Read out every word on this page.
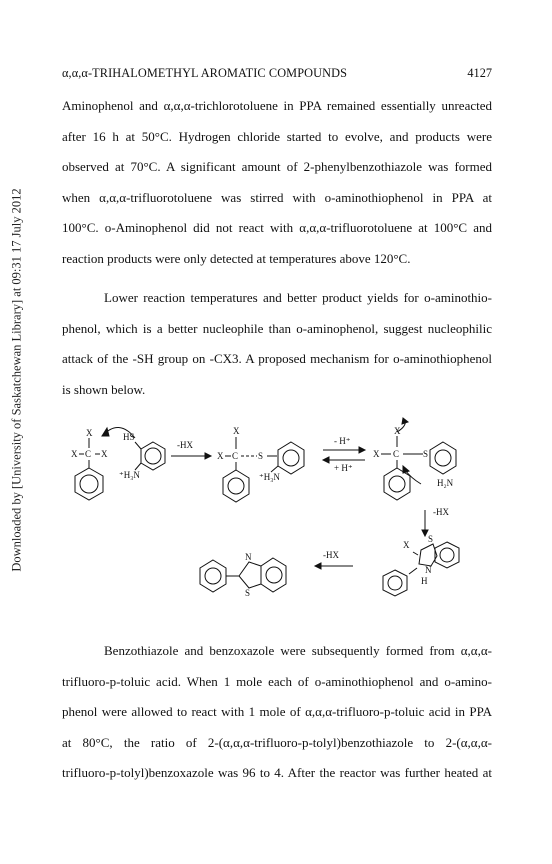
Downloaded by [University of Saskatchewan Library] at 09:31 17 July 2012
α,α,α-TRIHALOMETHYL AROMATIC COMPOUNDS	4127
Aminophenol and α,α,α-trichlorotoluene in PPA remained essentially unreacted
after 16 h at 50°C. Hydrogen chloride started to evolve, and products were
observed at 70°C. A significant amount of 2-phenylbenzothiazole was formed
when α,α,α-trifluorotoluene was stirred with o-aminothiophenol in PPA at
100°C. o-Aminophenol did not react with α,α,α-trifluorotoluene at 100°C and
reaction products were only detected at temperatures above 120°C.
Lower reaction temperatures and better product yields for o-aminothio-
phenol, which is a better nucleophile than o-aminophenol, suggest nucleophilic
attack of the -SH group on -CX3. A proposed mechanism for o-aminothiophenol
is shown below.
X
X C X
HS
⁺H₃N
-HX
X
X C S
⁺H₃N
- H⁺
+ H⁺
X
X C	S
H₂N
-HX
X
S
N
H
-HX
N
S
Benzothiazole and benzoxazole were subsequently formed from α,α,α-
trifluoro-p-toluic acid. When 1 mole each of o-aminothiophenol and o-amino-
phenol were allowed to react with 1 mole of α,α,α-trifluoro-p-toluic acid in PPA
at 80°C, the ratio of 2-(α,α,α-trifluoro-p-tolyl)benzothiazole to 2-(α,α,α-
trifluoro-p-tolyl)benzoxazole was 96 to 4. After the reactor was further heated at
